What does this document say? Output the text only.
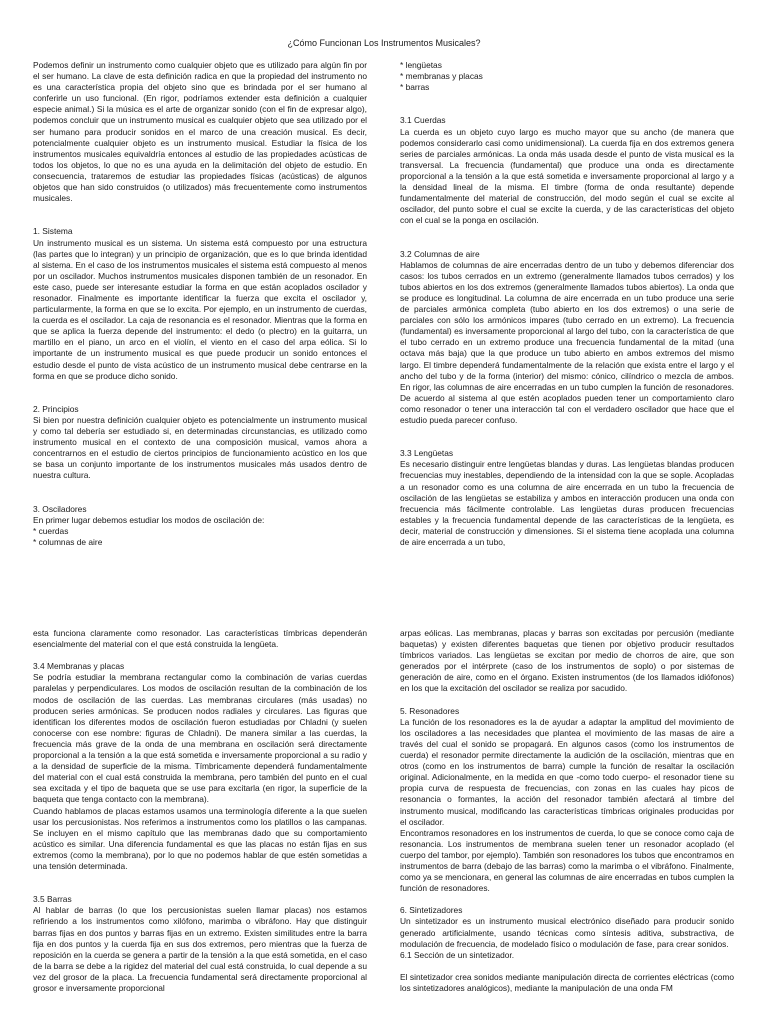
¿Cómo Funcionan Los Instrumentos Musicales?

Podemos definir un instrumento como cualquier objeto que es utilizado para algún fin por el ser humano. La clave de esta definición radica en que la propiedad del instrumento no es una característica propia del objeto sino que es brindada por el ser humano al conferirle un uso funcional. (En rigor, podríamos extender esta definición a cualquier especie animal.) Si la música es el arte de organizar sonido (con el fin de expresar algo), podemos concluir que un instrumento musical es cualquier objeto que sea utilizado por el ser humano para producir sonidos en el marco de una creación musical. Es decir, potencialmente cualquier objeto es un instrumento musical. Estudiar la física de los instrumentos musicales equivaldría entonces al estudio de las propiedades acústicas de todos los objetos, lo que no es una ayuda en la delimitación del objeto de estudio. En consecuencia, trataremos de estudiar las propiedades físicas (acústicas) de algunos objetos que han sido construidos (o utilizados) más frecuentemente como instrumentos musicales.

1. Sistema

Un instrumento musical es un sistema. Un sistema está compuesto por una estructura (las partes que lo integran) y un principio de organización, que es lo que brinda identidad al sistema. En el caso de los instrumentos musicales el sistema está compuesto al menos por un oscilador. Muchos instrumentos musicales disponen también de un resonador. En este caso, puede ser interesante estudiar la forma en que están acoplados oscilador y resonador. Finalmente es importante identificar la fuerza que excita el oscilador y, particularmente, la forma en que se lo excita. Por ejemplo, en un instrumento de cuerdas, la cuerda es el oscilador. La caja de resonancia es el resonador. Mientras que la forma en que se aplica la fuerza depende del instrumento: el dedo (o plectro) en la guitarra, un martillo en el piano, un arco en el violín, el viento en el caso del arpa eólica. Si lo importante de un instrumento musical es que puede producir un sonido entonces el estudio desde el punto de vista acústico de un instrumento musical debe centrarse en la forma en que se produce dicho sonido.

2. Principios

Si bien por nuestra definición cualquier objeto es potencialmente un instrumento musical y como tal debería ser estudiado si, en determinadas circunstancias, es utilizado como instrumento musical en el contexto de una composición musical, vamos ahora a concentrarnos en el estudio de ciertos principios de funcionamiento acústico en los que se basa un conjunto importante de los instrumentos musicales más usados dentro de nuestra cultura.

3. Osciladores

En primer lugar debemos estudiar los modos de oscilación de:

* cuerdas
* columnas de aire
* lengüetas
* membranas y placas
* barras
3.1 Cuerdas

La cuerda es un objeto cuyo largo es mucho mayor que su ancho (de manera que podemos considerarlo casi como unidimensional). La cuerda fija en dos extremos genera series de parciales armónicas. La onda más usada desde el punto de vista musical es la transversal. La frecuencia (fundamental) que produce una onda es directamente proporcional a la tensión a la que está sometida e inversamente proporcional al largo y a la densidad lineal de la misma. El timbre (forma de onda resultante) depende fundamentalmente del material de construcción, del modo según el cual se excite al oscilador, del punto sobre el cual se excite la cuerda, y de las características del objeto con el cual se la ponga en oscilación.

3.2 Columnas de aire

Hablamos de columnas de aire encerradas dentro de un tubo y debemos diferenciar dos casos: los tubos cerrados en un extremo (generalmente llamados tubos cerrados) y los tubos abiertos en los dos extremos (generalmente llamados tubos abiertos). La onda que se produce es longitudinal. La columna de aire encerrada en un tubo produce una serie de parciales armónica completa (tubo abierto en los dos extremos) o una serie de parciales con sólo los armónicos impares (tubo cerrado en un extremo). La frecuencia (fundamental) es inversamente proporcional al largo del tubo, con la característica de que el tubo cerrado en un extremo produce una frecuencia fundamental de la mitad (una octava más baja) que la que produce un tubo abierto en ambos extremos del mismo largo. El timbre dependerá fundamentalmente de la relación que exista entre el largo y el ancho del tubo y de la forma (interior) del mismo: cónico, cilíndrico o mezcla de ambos. En rigor, las columnas de aire encerradas en un tubo cumplen la función de resonadores. De acuerdo al sistema al que estén acoplados pueden tener un comportamiento claro como resonador o tener una interacción tal con el verdadero oscilador que hace que el estudio pueda parecer confuso.

3.3 Lengüetas

Es necesario distinguir entre lengüetas blandas y duras. Las lengüetas blandas producen frecuencias muy inestables, dependiendo de la intensidad con la que se sople. Acopladas a un resonador como es una columna de aire encerrada en un tubo la frecuencia de oscilación de las lengüetas se estabiliza y ambos en interacción producen una onda con frecuencia más fácilmente controlable. Las lengüetas duras producen frecuencias estables y la frecuencia fundamental depende de las características de la lengüeta, es decir, material de construcción y dimensiones. Si el sistema tiene acoplada una columna de aire encerrada a un tubo,

esta funciona claramente como resonador. Las características tímbricas dependerán esencialmente del material con el que está construida la lengüeta.

3.4 Membranas y placas

Se podría estudiar la membrana rectangular como la combinación de varias cuerdas paralelas y perpendiculares. Los modos de oscilación resultan de la combinación de los modos de oscilación de las cuerdas. Las membranas circulares (más usadas) no producen series armónicas. Se producen nodos radiales y circulares. Las figuras que identifican los diferentes modos de oscilación fueron estudiadas por Chladni (y suelen conocerse con ese nombre: figuras de Chladni). De manera similar a las cuerdas, la frecuencia más grave de la onda de una membrana en oscilación será directamente proporcional a la tensión a la que está sometida e inversamente proporcional a su radio y a la densidad de superficie de la misma. Tímbricamente dependerá fundamentalmente del material con el cual está construida la membrana, pero también del punto en el cual sea excitada y el tipo de baqueta que se use para excitarla (en rigor, la superficie de la baqueta que tenga contacto con la membrana).

Cuando hablamos de placas estamos usamos una terminología diferente a la que suelen usar los percusionistas. Nos referimos a instrumentos como los platillos o las campanas. Se incluyen en el mismo capítulo que las membranas dado que su comportamiento acústico es similar. Una diferencia fundamental es que las placas no están fijas en sus extremos (como la membrana), por lo que no podemos hablar de que estén sometidas a una tensión determinada.

3.5 Barras

Al hablar de barras (lo que los percusionistas suelen llamar placas) nos estamos refiriendo a los instrumentos como xilófono, marimba o vibráfono. Hay que distinguir barras fijas en dos puntos y barras fijas en un extremo. Existen similitudes entre la barra fija en dos puntos y la cuerda fija en sus dos extremos, pero mientras que la fuerza de reposición en la cuerda se genera a partir de la tensión a la que está sometida, en el caso de la barra se debe a la rigidez del material del cual está construida, lo cual depende a su vez del grosor de la placa. La frecuencia fundamental será directamente proporcional al grosor e inversamente proporcional

arpas eólicas. Las membranas, placas y barras son excitadas por percusión (mediante baquetas) y existen diferentes baquetas que tienen por objetivo producir resultados tímbricos variados. Las lengüetas se excitan por medio de chorros de aire, que son generados por el intérprete (caso de los instrumentos de soplo) o por sistemas de generación de aire, como en el órgano. Existen instrumentos (de los llamados idiófonos) en los que la excitación del oscilador se realiza por sacudido.

5. Resonadores

La función de los resonadores es la de ayudar a adaptar la amplitud del movimiento de los osciladores a las necesidades que plantea el movimiento de las masas de aire a través del cual el sonido se propagará. En algunos casos (como los instrumentos de cuerda) el resonador permite directamente la audición de la oscilación, mientras que en otros (como en los instrumentos de barra) cumple la función de resaltar la oscilación original. Adicionalmente, en la medida en que -como todo cuerpo- el resonador tiene su propia curva de respuesta de frecuencias, con zonas en las cuales hay picos de resonancia o formantes, la acción del resonador también afectará al timbre del instrumento musical, modificando las características tímbricas originales producidas por el oscilador.

Encontramos resonadores en los instrumentos de cuerda, lo que se conoce como caja de resonancia. Los instrumentos de membrana suelen tener un resonador acoplado (el cuerpo del tambor, por ejemplo). También son resonadores los tubos que encontramos en instrumentos de barra (debajo de las barras) como la marimba o el vibráfono. Finalmente, como ya se mencionara, en general las columnas de aire encerradas en tubos cumplen la función de resonadores.

6. Sintetizadores

Un sintetizador es un instrumento musical electrónico diseñado para producir sonido generado artificialmente, usando técnicas como síntesis aditiva, substractiva, de modulación de frecuencia, de modelado físico o modulación de fase, para crear sonidos.

6.1 Sección de un sintetizador.

El sintetizador crea sonidos mediante manipulación directa de corrientes eléctricas (como los sintetizadores analógicos), mediante la manipulación de una onda FM
